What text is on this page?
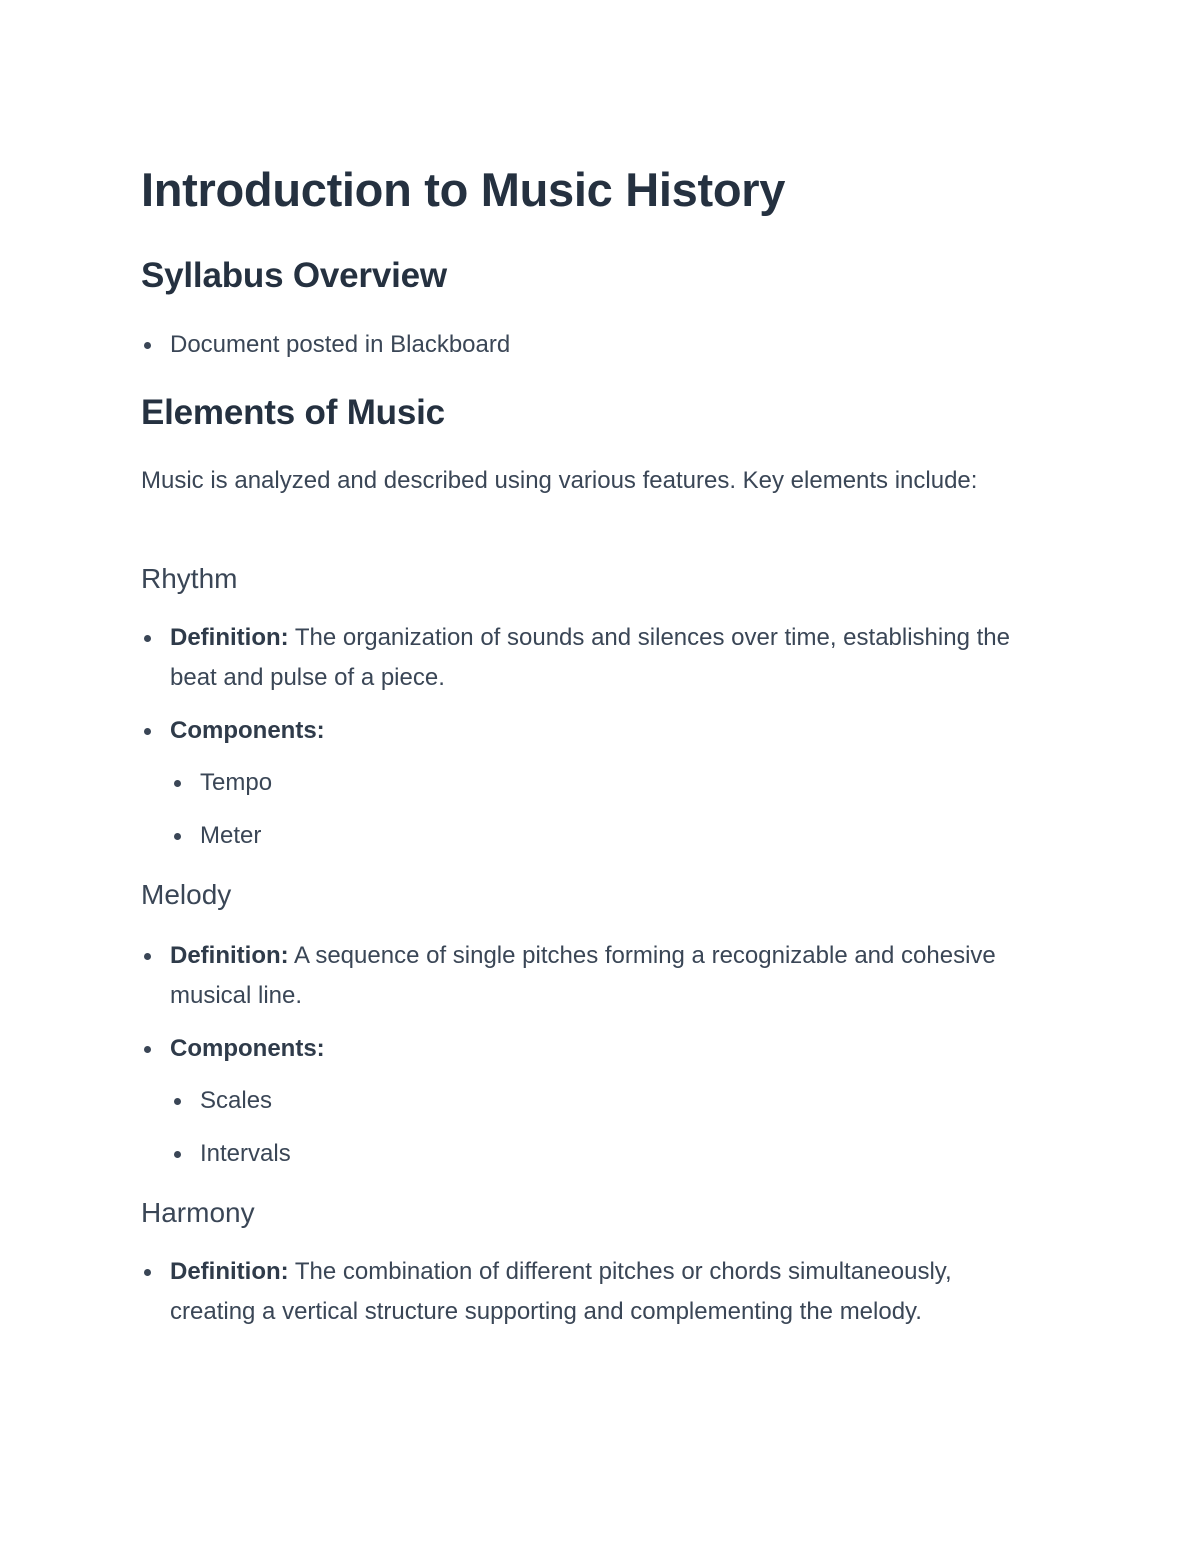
Introduction to Music History
Syllabus Overview

Document posted in Blackboard

Elements of Music

Music is analyzed and described using various features. Key elements include:

Rhythm

Definition: The organization of sounds and silences over time, establishing the beat and pulse of a piece.

Components:

Tempo

Meter

Melody

Definition: A sequence of single pitches forming a recognizable and cohesive musical line.

Components:

Scales

Intervals

Harmony

Definition: The combination of different pitches or chords simultaneously, creating a vertical structure supporting and complementing the melody.
